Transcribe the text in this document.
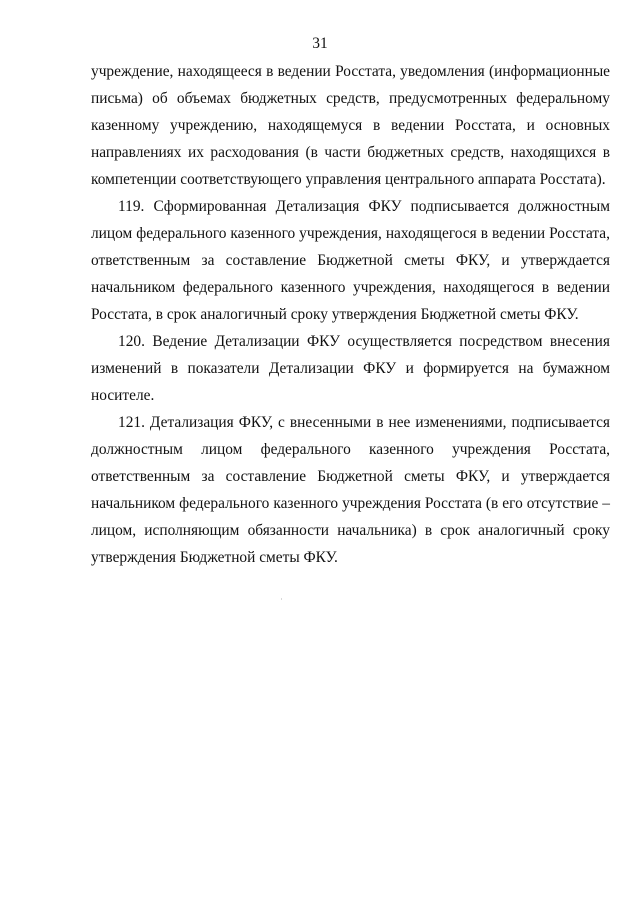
31

учреждение, находящееся в ведении Росстата, уведомления (информационные
письма) об объемах бюджетных средств, предусмотренных федеральному
казенному учреждению, находящемуся в ведении Росстата, и основных
направлениях их расходования (в части бюджетных средств, находящихся в
компетенции соответствующего управления центрального аппарата Росстата).

119. Сформированная Детализация ФКУ подписывается должностным
лицом федерального казенного учреждения, находящегося в ведении Росстата,
ответственным за составление Бюджетной сметы ФКУ, и утверждается
начальником федерального казенного учреждения, находящегося в ведении
Росстата, в срок аналогичный сроку утверждения Бюджетной сметы ФКУ.

120. Ведение Детализации ФКУ осуществляется посредством внесения
изменений в показатели Детализации ФКУ и формируется на бумажном
носителе.

121. Детализация ФКУ, с внесенными в нее изменениями, подписывается
должностным лицом федерального казенного учреждения Росстата,
ответственным за составление Бюджетной сметы ФКУ, и утверждается
начальником федерального казенного учреждения Росстата (в его отсутствие –
лицом, исполняющим обязанности начальника) в срок аналогичный сроку
утверждения Бюджетной сметы ФКУ.
